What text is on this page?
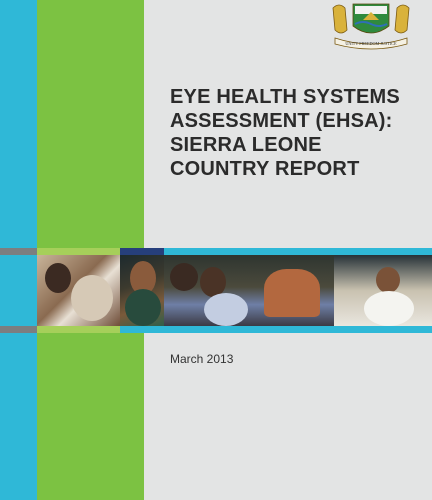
UNITY FREEDOM JUSTICE
EYE HEALTH SYSTEMS
ASSESSMENT (EHSA):
SIERRA LEONE
COUNTRY REPORT
March 2013
